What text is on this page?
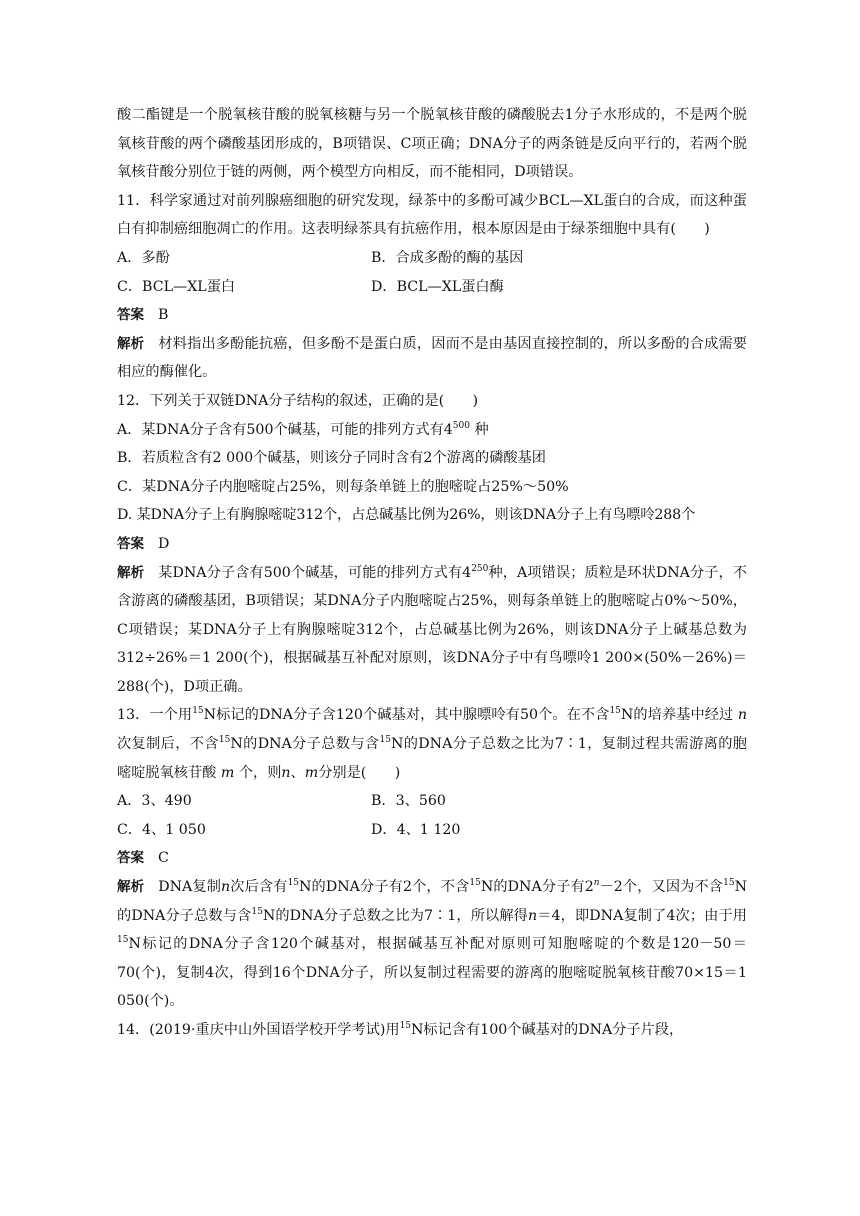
酸二酯键是一个脱氧核苷酸的脱氧核糖与另一个脱氧核苷酸的磷酸脱去1分子水形成的，不是两个脱氧核苷酸的两个磷酸基团形成的，B项错误、C项正确；DNA分子的两条链是反向平行的，若两个脱氧核苷酸分别位于链的两侧，两个模型方向相反，而不能相同，D项错误。

11．科学家通过对前列腺癌细胞的研究发现，绿茶中的多酚可减少BCL—XL蛋白的合成，而这种蛋白有抑制癌细胞凋亡的作用。这表明绿茶具有抗癌作用，根本原因是由于绿茶细胞中具有(　　)

A．多酚	B．合成多酚的酶的基因
C．BCL—XL蛋白	D．BCL—XL蛋白酶

答案 B

解析 材料指出多酚能抗癌，但多酚不是蛋白质，因而不是由基因直接控制的，所以多酚的合成需要相应的酶催化。

12．下列关于双链DNA分子结构的叙述，正确的是(　　)

A．某DNA分子含有500个碱基，可能的排列方式有$4^{500}$ 种

B．若质粒含有2 000个碱基，则该分子同时含有2个游离的磷酸基团

C．某DNA分子内胞嘧啶占25%，则每条单链上的胞嘧啶占25%～50%

D. 某DNA分子上有胸腺嘧啶312个，占总碱基比例为26%，则该DNA分子上有鸟嘌呤288个

答案 D

解析 某DNA分子含有500个碱基，可能的排列方式有$4^{250}$种，A项错误；质粒是环状DNA分子，不含游离的磷酸基团，B项错误；某DNA分子内胞嘧啶占25%，则每条单链上的胞嘧啶占0%～50%，C项错误；某DNA分子上有胸腺嘧啶312个，占总碱基比例为26%，则该DNA分子上碱基总数为312÷26%＝1 200(个)，根据碱基互补配对原则，该DNA分子中有鸟嘌呤1 200×(50%－26%)＝288(个)，D项正确。

13．一个用$^{15}$N标记的DNA分子含120个碱基对，其中腺嘌呤有50个。在不含$^{15}$N的培养基中经过 n 次复制后，不含$^{15}$N的DNA分子总数与含$^{15}$N的DNA分子总数之比为7∶1，复制过程共需游离的胞嘧啶脱氧核苷酸 m 个，则n、m分别是(　　)

A．3、490	B．3、560
C．4、1 050	D．4、1 120

答案 C

解析 DNA复制n次后含有$^{15}$N的DNA分子有2个，不含$^{15}$N的DNA分子有$2^n-2$个，又因为不含$^{15}$N的DNA分子总数与含$^{15}$N的DNA分子总数之比为7∶1，所以解得n＝4，即DNA复制了4次；由于用$^{15}$N标记的DNA分子含120个碱基对，根据碱基互补配对原则可知胞嘧啶的个数是120－50＝70(个)，复制4次，得到16个DNA分子，所以复制过程需要的游离的胞嘧啶脱氧核苷酸70×15＝1 050(个)。

14．(2019·重庆中山外国语学校开学考试)用$^{15}$N标记含有100个碱基对的DNA分子片段，
